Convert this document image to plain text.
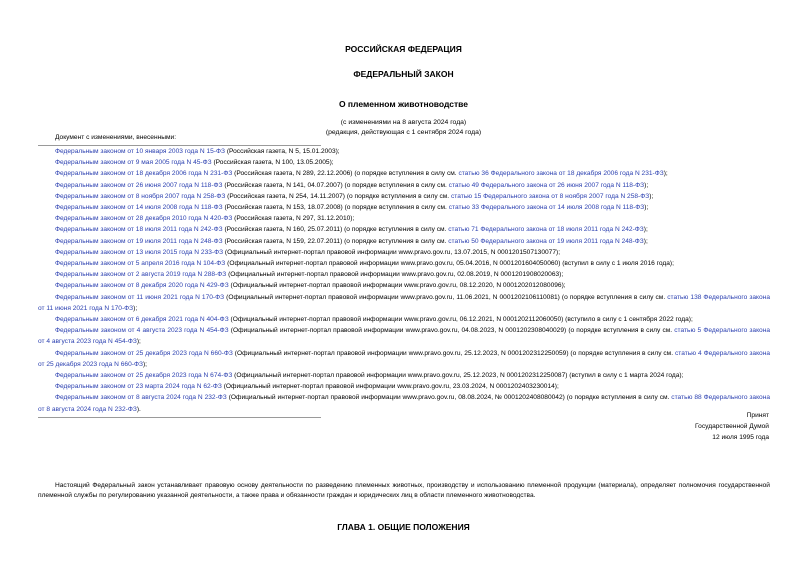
РОССИЙСКАЯ ФЕДЕРАЦИЯ
ФЕДЕРАЛЬНЫЙ ЗАКОН
О племенном животноводстве
(с изменениями на 8 августа 2024 года)
(редакция, действующая с 1 сентября 2024 года)
Документ с изменениями, внесенными:
Федеральным законом от 10 января 2003 года N 15-ФЗ (Российская газета, N 5, 15.01.2003);
Федеральным законом от 9 мая 2005 года N 45-ФЗ (Российская газета, N 100, 13.05.2005);
Федеральным законом от 18 декабря 2006 года N 231-ФЗ (Российская газета, N 289, 22.12.2006) (о порядке вступления в силу см. статью 36 Федерального закона от 18 декабря 2006 года N 231-ФЗ);
Федеральным законом от 26 июня 2007 года N 118-ФЗ (Российская газета, N 141, 04.07.2007) (о порядке вступления в силу см. статью 49 Федерального закона от 26 июня 2007 года N 118-ФЗ);
Федеральным законом от 8 ноября 2007 года N 258-ФЗ (Российская газета, N 254, 14.11.2007) (о порядке вступления в силу см. статью 15 Федерального закона от 8 ноября 2007 года N 258-ФЗ);
Федеральным законом от 14 июля 2008 года N 118-ФЗ (Российская газета, N 153, 18.07.2008) (о порядке вступления в силу см. статью 33 Федерального закона от 14 июля 2008 года N 118-ФЗ);
Федеральным законом от 28 декабря 2010 года N 420-ФЗ (Российская газета, N 297, 31.12.2010);
Федеральным законом от 18 июля 2011 года N 242-ФЗ (Российская газета, N 160, 25.07.2011) (о порядке вступления в силу см. статью 71 Федерального закона от 18 июля 2011 года N 242-ФЗ);
Федеральным законом от 19 июля 2011 года N 248-ФЗ (Российская газета, N 159, 22.07.2011) (о порядке вступления в силу см. статью 50 Федерального закона от 19 июля 2011 года N 248-ФЗ);
Федеральным законом от 13 июля 2015 года N 233-ФЗ (Официальный интернет-портал правовой информации www.pravo.gov.ru, 13.07.2015, N 0001201507130077);
Федеральным законом от 5 апреля 2016 года N 104-ФЗ (Официальный интернет-портал правовой информации www.pravo.gov.ru, 05.04.2016, N 0001201604050060) (вступил в силу с 1 июля 2016 года);
Федеральным законом от 2 августа 2019 года N 288-ФЗ (Официальный интернет-портал правовой информации www.pravo.gov.ru, 02.08.2019, N 0001201908020063);
Федеральным законом от 8 декабря 2020 года N 429-ФЗ (Официальный интернет-портал правовой информации www.pravo.gov.ru, 08.12.2020, N 0001202012080096);
Федеральным законом от 11 июня 2021 года N 170-ФЗ (Официальный интернет-портал правовой информации www.pravo.gov.ru, 11.06.2021, N 0001202106110081) (о порядке вступления в силу см. статью 138 Федерального закона от 11 июня 2021 года N 170-ФЗ);
Федеральным законом от 6 декабря 2021 года N 404-ФЗ (Официальный интернет-портал правовой информации www.pravo.gov.ru, 06.12.2021, N 0001202112060050) (вступило в силу с 1 сентября 2022 года);
Федеральным законом от 4 августа 2023 года N 454-ФЗ (Официальный интернет-портал правовой информации www.pravo.gov.ru, 04.08.2023, N 0001202308040029) (о порядке вступления в силу см. статью 5 Федерального закона от 4 августа 2023 года N 454-ФЗ);
Федеральным законом от 25 декабря 2023 года N 660-ФЗ (Официальный интернет-портал правовой информации www.pravo.gov.ru, 25.12.2023, N 0001202312250059) (о порядке вступления в силу см. статью 4 Федерального закона от 25 декабря 2023 года N 660-ФЗ);
Федеральным законом от 25 декабря 2023 года N 674-ФЗ (Официальный интернет-портал правовой информации www.pravo.gov.ru, 25.12.2023, N 0001202312250087) (вступил в силу с 1 марта 2024 года);
Федеральным законом от 23 марта 2024 года N 62-ФЗ (Официальный интернет-портал правовой информации www.pravo.gov.ru, 23.03.2024, N 0001202403230014);
Федеральным законом от 8 августа 2024 года N 232-ФЗ (Официальный интернет-портал правовой информации www.pravo.gov.ru, 08.08.2024, № 0001202408080042) (о порядке вступления в силу см. статью 88 Федерального закона от 8 августа 2024 года N 232-ФЗ).
Принят
Государственной Думой
12 июля 1995 года
Настоящий Федеральный закон устанавливает правовую основу деятельности по разведению племенных животных, производству и использованию племенной продукции (материала), определяет полномочия государственной племенной службы по регулированию указанной деятельности, а также права и обязанности граждан и юридических лиц в области племенного животноводства.
ГЛАВА 1. ОБЩИЕ ПОЛОЖЕНИЯ
